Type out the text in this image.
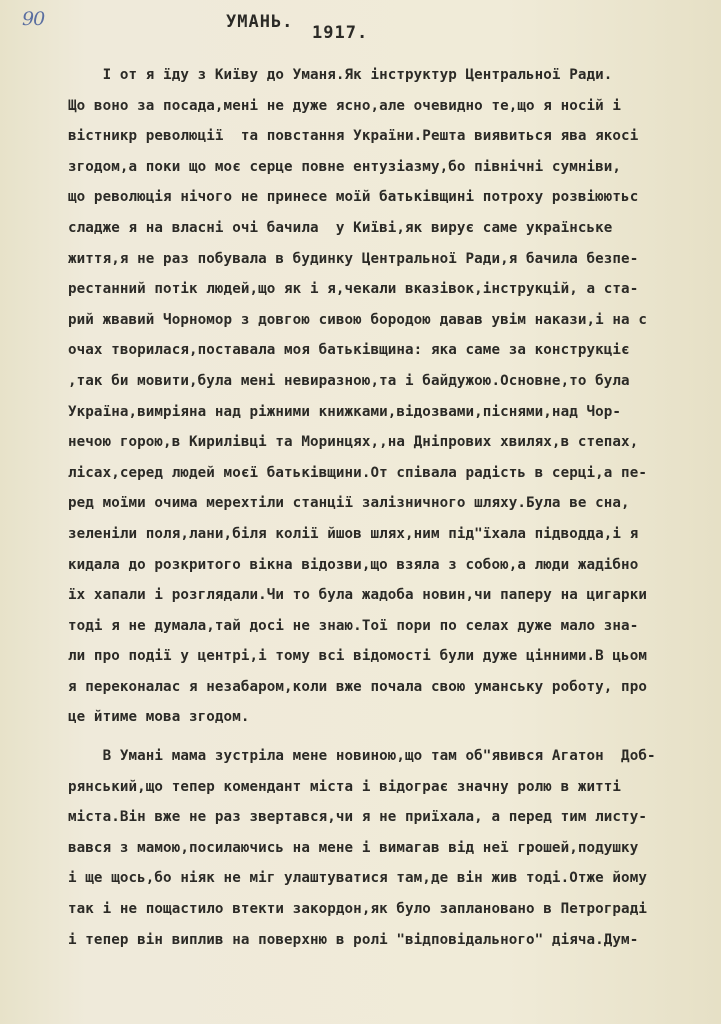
90	УМАНЬ.
1917.
І от я їду з Київу до Уманя.Як інструктур Центральної Ради.
Що воно за посада,мені не дуже ясно,але очевидно те,що я носій і
вістникр революції  та повстання України.Решта виявиться ява якосі
згодом,а поки що моє серце повне ентузіазму,бо північні сумніви,
що революція нічого не принесе моїй батьківщині потроху розвіюютьс
сладже я на власні очі бачила  у Київі,як вирує саме українське
життя,я не раз побувала в будинку Центральної Ради,я бачила безпе-
рестанний потік людей,що як і я,чекали вказівок,інструкцій, а ста-
рий жвавий Чорномор з довгою сивою бородою давав увім накази,і на с
очах творилася,поставала моя батьківщина: яка саме за конструкціє
,так би мовити,була мені невиразною,та і байдужою.Основне,то була
Україна,вимріяна над ріжними книжками,відозвами,піснями,над Чор-
нечою горою,в Кирилівці та Моринцях,,на Дніпрових хвилях,в степах,
лісах,серед людей моєї батьківщини.От співала радість в серці,а пе-
ред моїми очима мерехтіли станції залізничного шляху.Була ве сна,
зеленіли поля,лани,біля колії йшов шлях,ним під"їхала підводда,і я
кидала до розкритого вікна відозви,що взяла з собою,а люди жадібно
їх хапали і розглядали.Чи то була жадоба новин,чи паперу на цигарки
тоді я не думала,тай досі не знаю.Тої пори по селах дуже мало зна-
ли про події у центрі,і тому всі відомості були дуже цінними.В цьом
я переконалас я незабаром,коли вже почала свою уманську роботу, про
це йтиме мова згодом.
В Умані мама зустріла мене новиною,що там об"явився Агатон  Доб-
рянський,що тепер комендант міста і відограє значну ролю в житті
міста.Він вже не раз звертався,чи я не приїхала, а перед тим листу-
вався з мамою,посилаючись на мене і вимагав від неї грошей,подушку
і ще щось,бо ніяк не міг улаштуватися там,де він жив тоді.Отже йому
так і не пощастило втекти закордон,як було заплановано в Петрограді
і тепер він виплив на поверхню в ролі "відповідального" діяча.Дум-
